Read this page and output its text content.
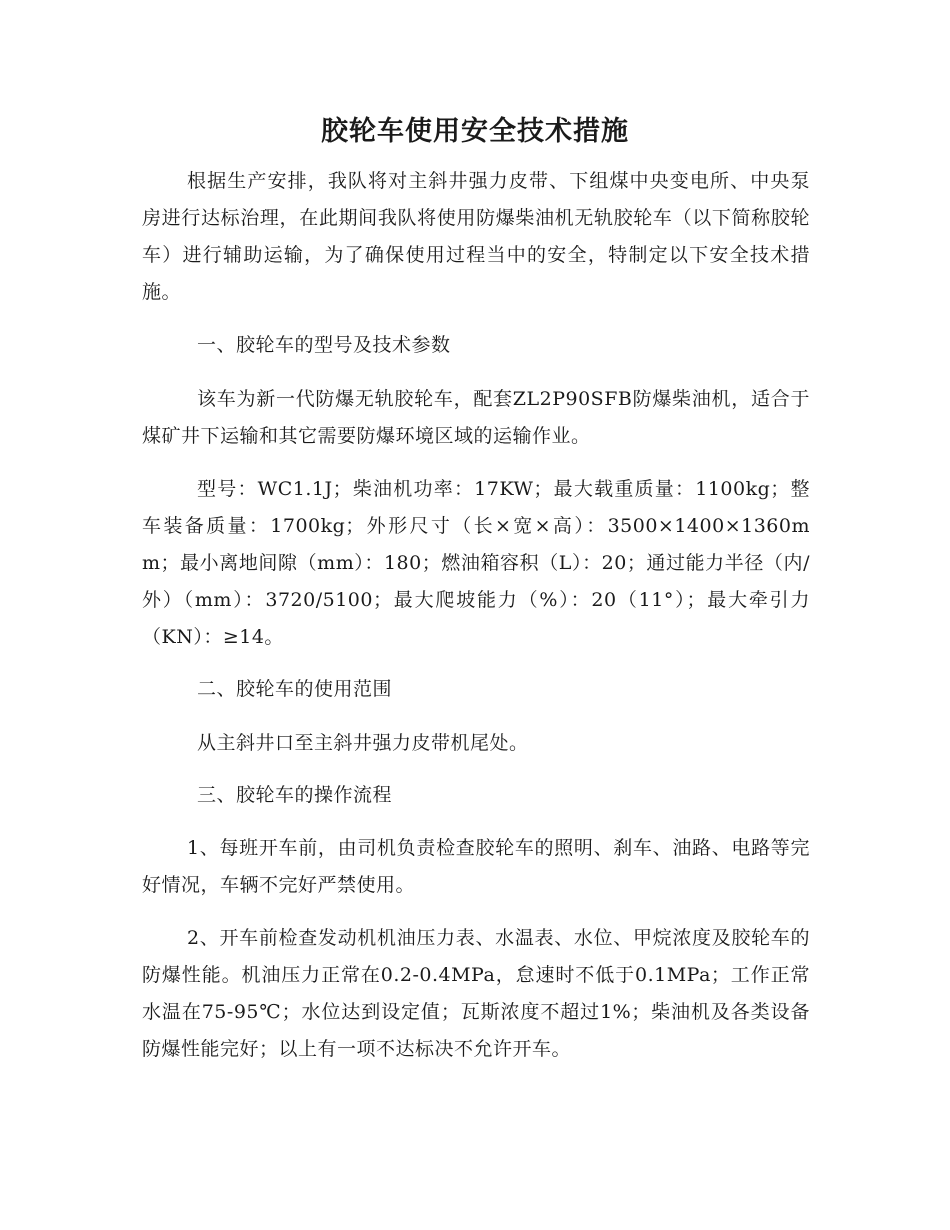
胶轮车使用安全技术措施

根据生产安排，我队将对主斜井强力皮带、下组煤中央变电所、中央泵房进行达标治理，在此期间我队将使用防爆柴油机无轨胶轮车（以下简称胶轮车）进行辅助运输，为了确保使用过程当中的安全，特制定以下安全技术措施。

一、胶轮车的型号及技术参数

该车为新一代防爆无轨胶轮车，配套ZL2P90SFB防爆柴油机，适合于煤矿井下运输和其它需要防爆环境区域的运输作业。

型号：WC1.1J；柴油机功率：17KW；最大载重质量：1100kg；整车装备质量：1700kg；外形尺寸（长×宽×高）：3500×1400×1360mm；最小离地间隙（mm）：180；燃油箱容积（L）：20；通过能力半径（内/外）（mm）：3720/5100；最大爬坡能力（%）：20（11°）；最大牵引力（KN）：≥14。

二、胶轮车的使用范围

从主斜井口至主斜井强力皮带机尾处。

三、胶轮车的操作流程

1、每班开车前，由司机负责检查胶轮车的照明、刹车、油路、电路等完好情况，车辆不完好严禁使用。

2、开车前检查发动机机油压力表、水温表、水位、甲烷浓度及胶轮车的防爆性能。机油压力正常在0.2-0.4MPa，怠速时不低于0.1MPa；工作正常水温在75-95℃；水位达到设定值；瓦斯浓度不超过1%；柴油机及各类设备防爆性能完好；以上有一项不达标决不允许开车。
